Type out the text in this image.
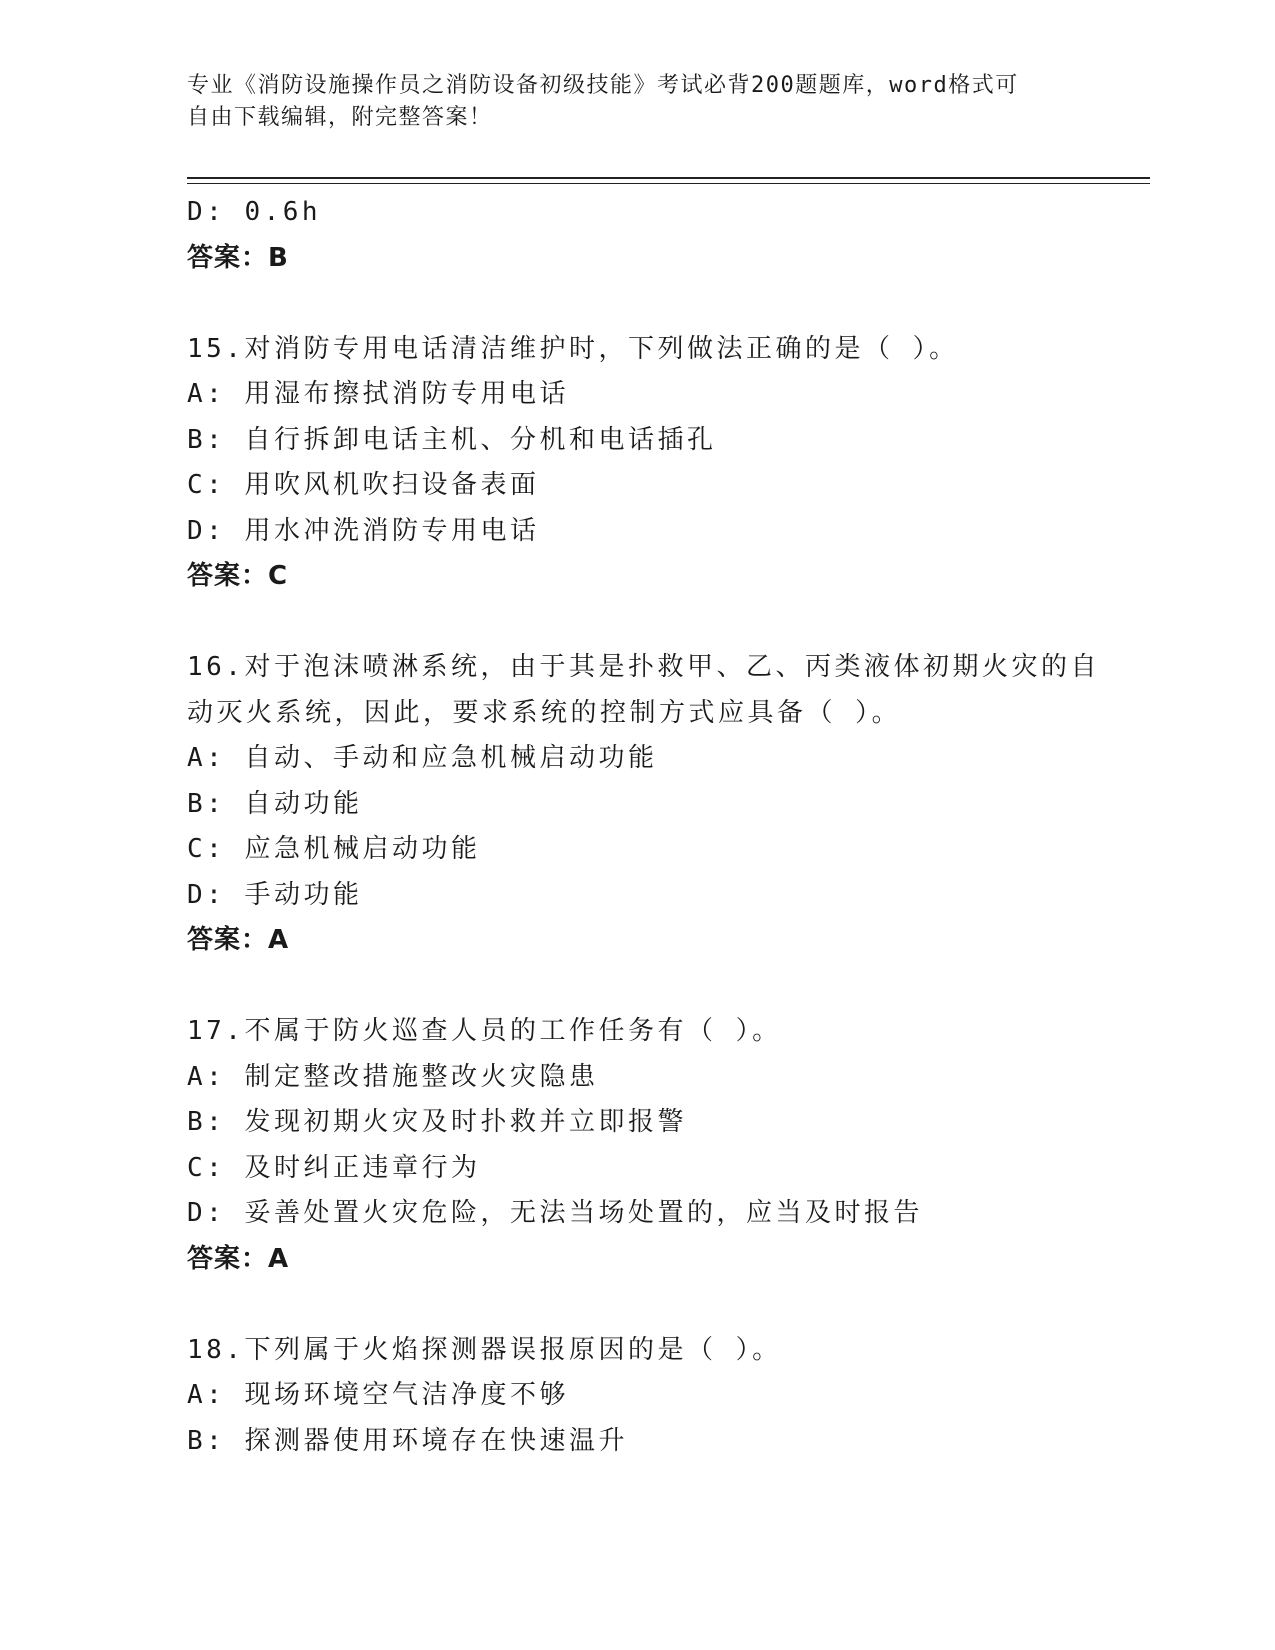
专业《消防设施操作员之消防设备初级技能》考试必背200题题库，word格式可
自由下载编辑，附完整答案！
D: 0.6h
答案：B
15.对消防专用电话清洁维护时，下列做法正确的是（ ）。
A: 用湿布擦拭消防专用电话
B: 自行拆卸电话主机、分机和电话插孔
C: 用吹风机吹扫设备表面
D: 用水冲洗消防专用电话
答案：C
16.对于泡沫喷淋系统，由于其是扑救甲、乙、丙类液体初期火灾的自
动灭火系统，因此，要求系统的控制方式应具备（ ）。
A: 自动、手动和应急机械启动功能
B: 自动功能
C: 应急机械启动功能
D: 手动功能
答案：A
17.不属于防火巡查人员的工作任务有（ ）。
A: 制定整改措施整改火灾隐患
B: 发现初期火灾及时扑救并立即报警
C: 及时纠正违章行为
D: 妥善处置火灾危险，无法当场处置的，应当及时报告
答案：A
18.下列属于火焰探测器误报原因的是（ ）。
A: 现场环境空气洁净度不够
B: 探测器使用环境存在快速温升
